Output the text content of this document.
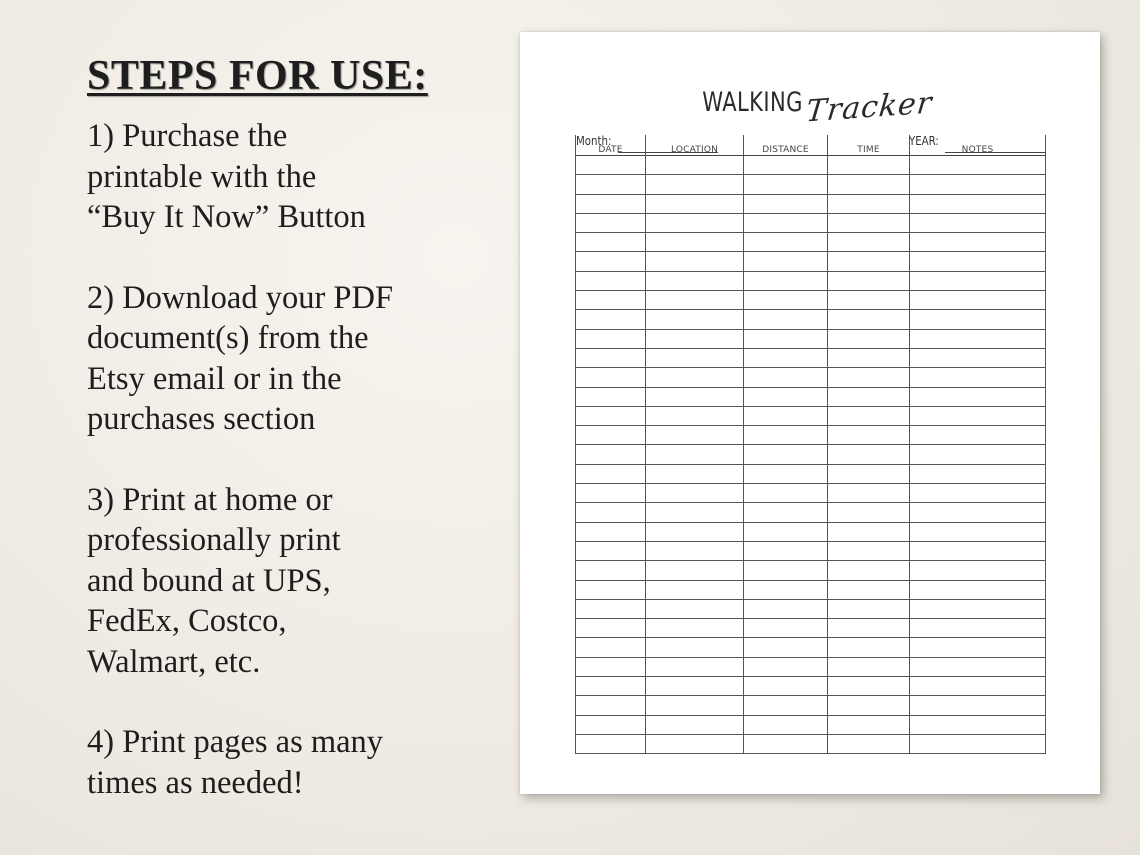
STEPS FOR USE:
1) Purchase the
printable with the
“Buy It Now” Button
2) Download your PDF
document(s) from the
Etsy email or in the
purchases section
3) Print at home or
professionally print
and bound at UPS,
FedEx, Costco,
Walmart, etc.
4) Print pages as many
times as needed!
WALKING Tracker
Month:	YEAR:
DATE	LOCATION	DISTANCE	TIME	NOTES
